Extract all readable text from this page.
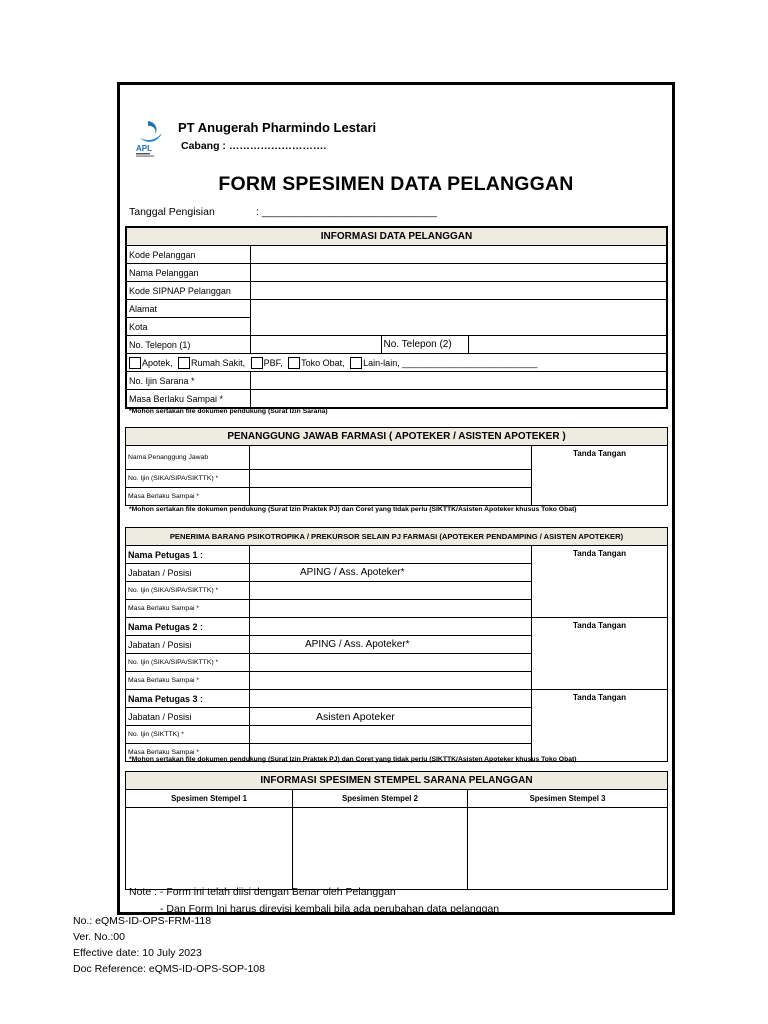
APL
PT Anugerah Pharmindo Lestari
Cabang : ……………………….
FORM SPESIMEN DATA PELANGGAN
Tanggal Pengisian	: ______________________________
INFORMASI DATA PELANGGAN			
Kode Pelanggan			
Nama Pelanggan			
Kode SIPNAP Pelanggan			
Alamat			
Kota			
No. Telepon (1)		No. Telepon (2)	
Apotek, Rumah Sakit, PBF, Toko Obat, Lain-lain, ___________________________			
No. Ijin Sarana *			
Masa Berlaku Sampai *			
*Mohon sertakan file dokumen pendukung (Surat Izin Sarana)
PENANGGUNG JAWAB FARMASI ( APOTEKER / ASISTEN APOTEKER )		
Nama Penanggung Jawab		Tanda Tangan
No. Ijin (SIKA/SIPA/SIKTTK) *		
Masa Berlaku Sampai *		
*Mohon sertakan file dokumen pendukung (Surat Izin Praktek PJ) dan Coret yang tidak perlu (SIKTTK/Asisten Apoteker khusus Toko Obat)
PENERIMA BARANG PSIKOTROPIKA / PREKURSOR SELAIN PJ FARMASI (APOTEKER PENDAMPING / ASISTEN APOTEKER)		
Nama Petugas 1 :		Tanda Tangan
Jabatan / Posisi	APING / Ass. Apoteker*	
No. Ijin (SIKA/SIPA/SIKTTK) *		
Masa Berlaku Sampai *		
Nama Petugas 2 :		Tanda Tangan
Jabatan / Posisi	APING / Ass. Apoteker*	
No. Ijin (SIKA/SIPA/SIKTTK) *		
Masa Berlaku Sampai *		
Nama Petugas 3 :		Tanda Tangan
Jabatan / Posisi	Asisten Apoteker	
No. Ijin (SIKTTK) *		
Masa Berlaku Sampai *		
*Mohon sertakan file dokumen pendukung (Surat Izin Praktek PJ) dan Coret yang tidak perlu (SIKTTK/Asisten Apoteker khusus Toko Obat)
INFORMASI SPESIMEN STEMPEL SARANA PELANGGAN		
Spesimen Stempel 1	Spesimen Stempel 2	Spesimen Stempel 3

Note : - Form ini telah diisi dengan Benar oleh Pelanggan
- Dan Form Ini harus direvisi kembali bila ada perubahan data pelanggan
No.: eQMS-ID-OPS-FRM-118
Ver. No.:00
Effective date: 10 July 2023
Doc Reference: eQMS-ID-OPS-SOP-108
